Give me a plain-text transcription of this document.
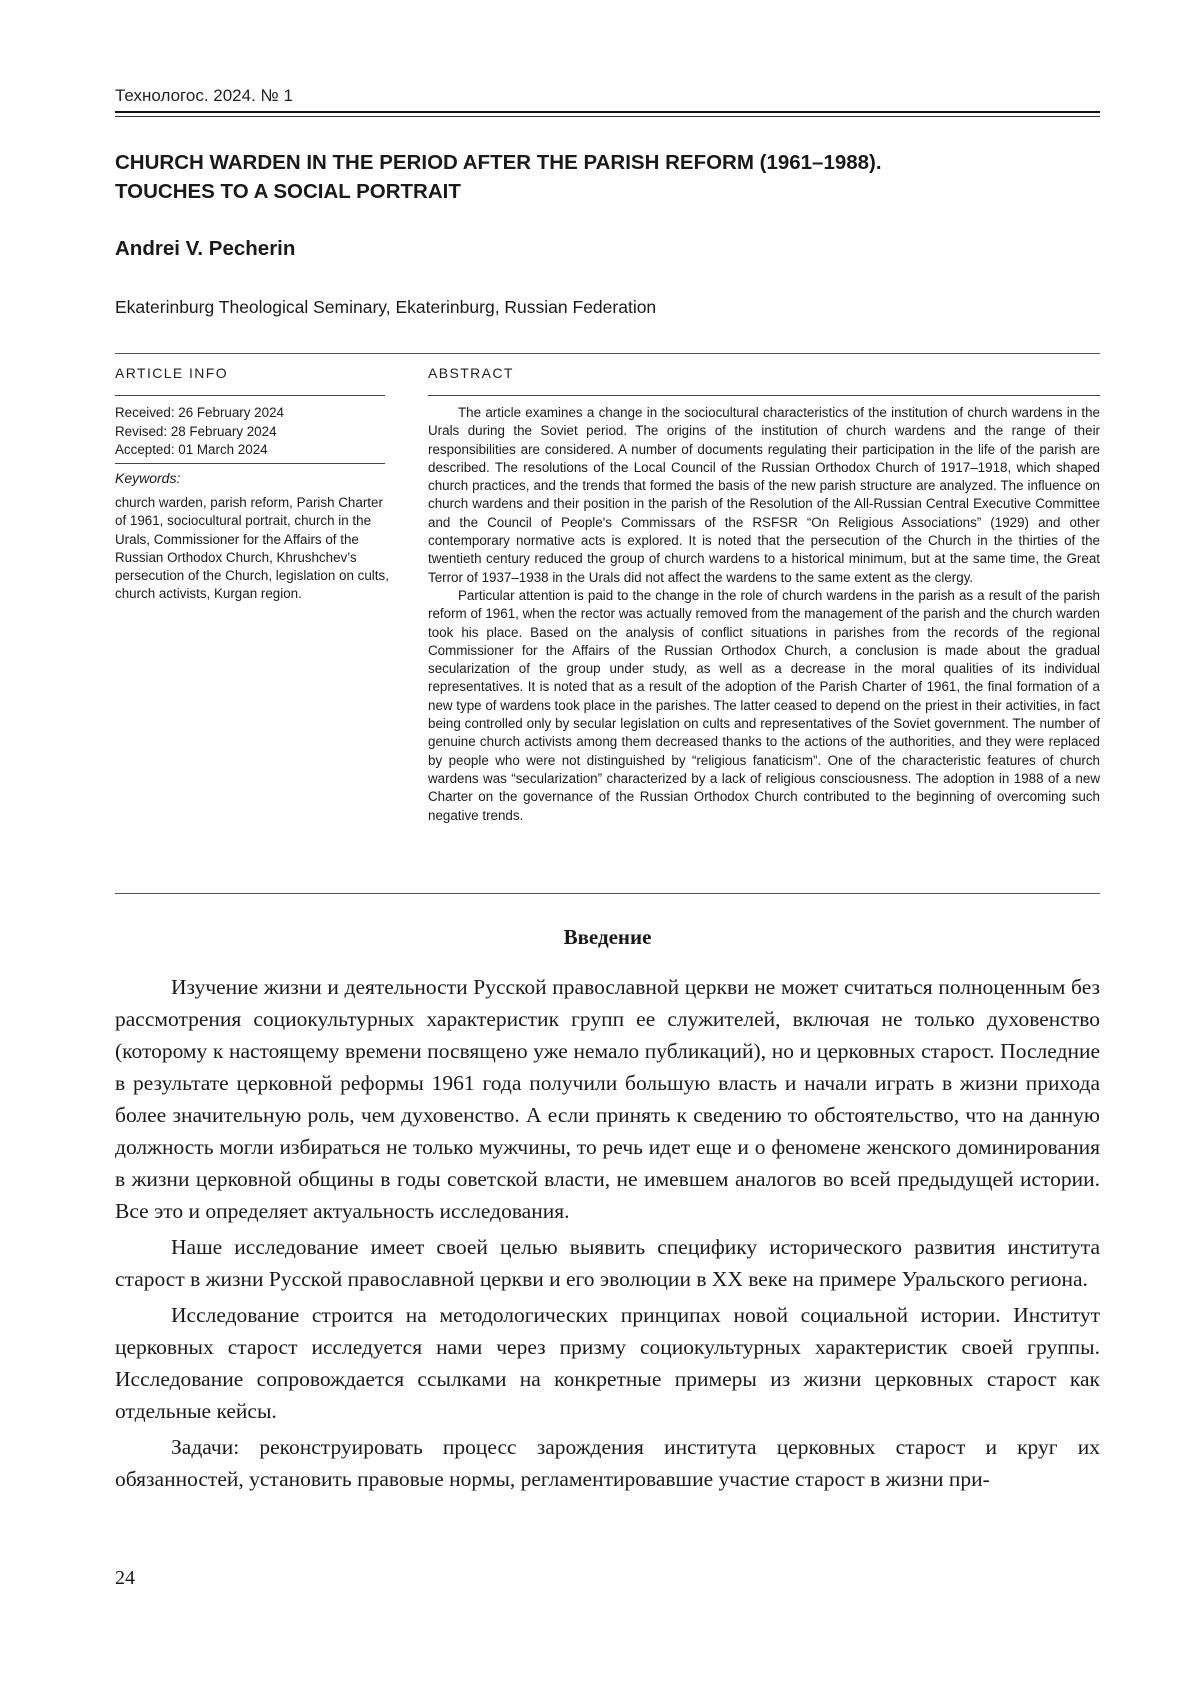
Технологос. 2024. № 1
CHURCH WARDEN IN THE PERIOD AFTER THE PARISH REFORM (1961–1988).
TOUCHES TO A SOCIAL PORTRAIT
Andrei V. Pecherin
Ekaterinburg Theological Seminary, Ekaterinburg, Russian Federation
ARTICLE INFO	ABSTRACT
Received: 26 February 2024
Revised: 28 February 2024
Accepted: 01 March 2024
Keywords:
church warden, parish reform, Parish Charter of 1961, sociocultural portrait, church in the Urals, Commissioner for the Affairs of the Russian Orthodox Church, Khrushchev’s persecution of the Church, legislation on cults, church activists, Kurgan region.

The article examines a change in the sociocultural characteristics of the institution of church wardens in the Urals during the Soviet period. The origins of the institution of church wardens and the range of their responsibilities are considered. A number of documents regulating their participation in the life of the parish are described. The resolutions of the Local Council of the Russian Orthodox Church of 1917–1918, which shaped church practices, and the trends that formed the basis of the new parish structure are analyzed. The influence on church wardens and their position in the parish of the Resolution of the All-Russian Central Executive Committee and the Council of People's Commissars of the RSFSR “On Religious Associations” (1929) and other contemporary normative acts is explored. It is noted that the persecution of the Church in the thirties of the twentieth century reduced the group of church wardens to a historical minimum, but at the same time, the Great Terror of 1937–1938 in the Urals did not affect the wardens to the same extent as the clergy.

Particular attention is paid to the change in the role of church wardens in the parish as a result of the parish reform of 1961, when the rector was actually removed from the management of the parish and the church warden took his place. Based on the analysis of conflict situations in parishes from the records of the regional Commissioner for the Affairs of the Russian Orthodox Church, a conclusion is made about the gradual secularization of the group under study, as well as a decrease in the moral qualities of its individual representatives. It is noted that as a result of the adoption of the Parish Charter of 1961, the final formation of a new type of wardens took place in the parishes. The latter ceased to depend on the priest in their activities, in fact being controlled only by secular legislation on cults and representatives of the Soviet government. The number of genuine church activists among them decreased thanks to the actions of the authorities, and they were replaced by people who were not distinguished by “religious fanaticism”. One of the characteristic features of church wardens was “secularization” characterized by a lack of religious consciousness. The adoption in 1988 of a new Charter on the governance of the Russian Orthodox Church contributed to the beginning of overcoming such negative trends.

Введение

Изучение жизни и деятельности Русской православной церкви не может считаться полноценным без рассмотрения социокультурных характеристик групп ее служителей, включая не только духовенство (которому к настоящему времени посвящено уже немало публикаций), но и церковных старост. Последние в результате церковной реформы 1961 года получили большую власть и начали играть в жизни прихода более значительную роль, чем духовенство. А если принять к сведению то обстоятельство, что на данную должность могли избираться не только мужчины, то речь идет еще и о феномене женского доминирования в жизни церковной общины в годы советской власти, не имевшем аналогов во всей предыдущей истории. Все это и определяет актуальность исследования.

Наше исследование имеет своей целью выявить специфику исторического развития института старост в жизни Русской православной церкви и его эволюции в XX веке на примере Уральского региона.

Исследование строится на методологических принципах новой социальной истории. Институт церковных старост исследуется нами через призму социокультурных характеристик своей группы. Исследование сопровождается ссылками на конкретные примеры из жизни церковных старост как отдельные кейсы.

Задачи: реконструировать процесс зарождения института церковных старост и круг их обязанностей, установить правовые нормы, регламентировавшие участие старост в жизни при-

24
